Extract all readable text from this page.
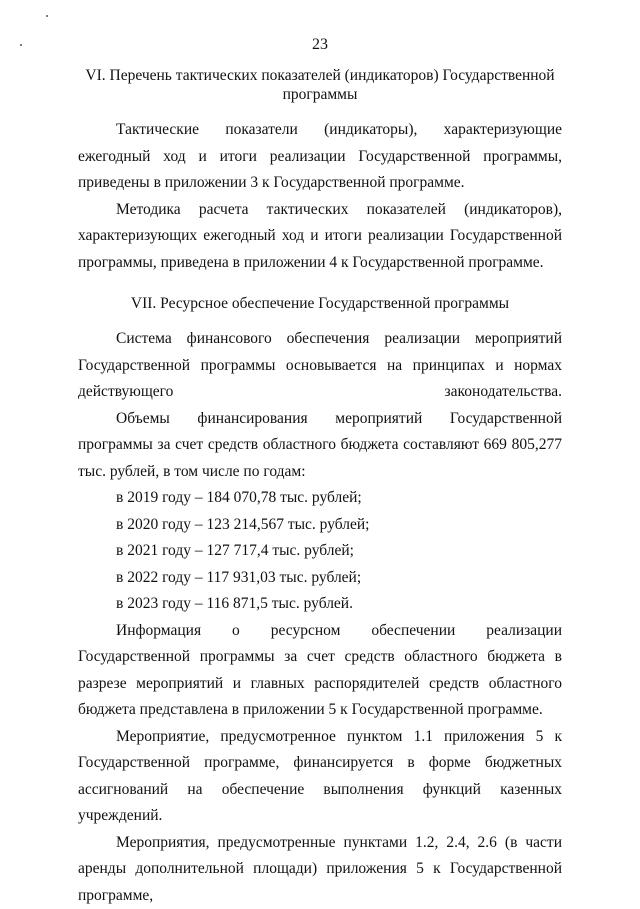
23
VI. Перечень тактических показателей (индикаторов) Государственной программы

Тактические показатели (индикаторы), характеризующие ежегодный ход и итоги реализации Государственной программы, приведены в приложении 3 к Государственной программе.

Методика расчета тактических показателей (индикаторов), характеризующих ежегодный ход и итоги реализации Государственной программы, приведена в приложении 4 к Государственной программе.

VII. Ресурсное обеспечение Государственной программы

Система финансового обеспечения реализации мероприятий Государственной программы основывается на принципах и нормах действующего законодательства.

Объемы финансирования мероприятий Государственной программы за счет средств областного бюджета составляют 669 805,277 тыс. рублей, в том числе по годам:

в 2019 году – 184 070,78 тыс. рублей;

в 2020 году – 123 214,567 тыс. рублей;

в 2021 году – 127 717,4 тыс. рублей;

в 2022 году – 117 931,03 тыс. рублей;

в 2023 году – 116 871,5 тыс. рублей.

Информация о ресурсном обеспечении реализации Государственной программы за счет средств областного бюджета в разрезе мероприятий и главных распорядителей средств областного бюджета представлена в приложении 5 к Государственной программе.

Мероприятие, предусмотренное пунктом 1.1 приложения 5 к Государственной программе, финансируется в форме бюджетных ассигнований на обеспечение выполнения функций казенных учреждений.

Мероприятия, предусмотренные пунктами 1.2, 2.4, 2.6 (в части аренды дополнительной площади) приложения 5 к Государственной программе,
